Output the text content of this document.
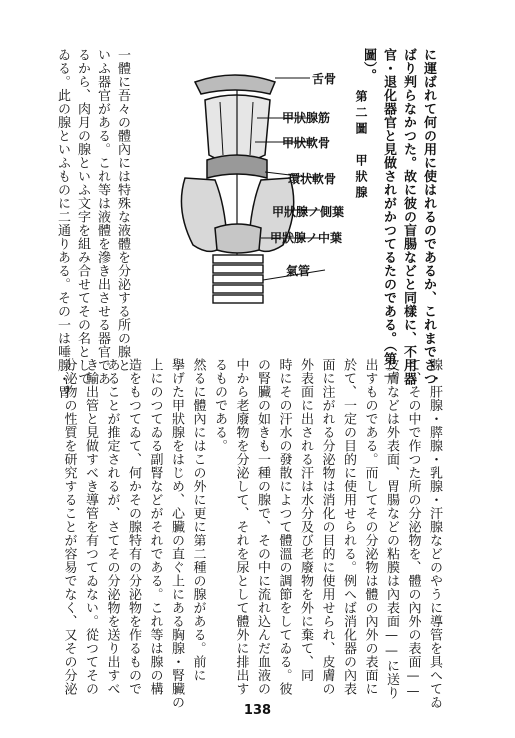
に運ばれて何の用に使はれるのであるか、これまでさつ
ばり判らなかつた。故に彼の盲腸などと同樣に、不用器
官・退化器官と見做されがかつてるたのである。（第二
圖）。
第二圖　甲狀腺
舌骨
甲狀腺筋
甲狀軟骨
環状軟骨
甲狀腺ノ側葉
甲狀腺ノ中葉
氣管
一體に吾々の體內には特殊な液體を分泌する所の腺と
いふ器官がある。これ等は液體を滲き出させる器官であ
るから、肉月の腺といふ文字を組み合せてその名として
ゐる。此の腺といふものに二通りある。その一は唾腺・胃
腺・肝腺・膵腺・乳腺・汗腺などのやうに導管を具へてゐ
て、その中で作つた所の分泌物を、體の內外の表面——
皮膚などは外表面、胃腸などの粘膜は內表面——に送り
出すものである。而してその分泌物は體の內外の表面に
於て、一定の目的に使用せられる。例へば消化器の內表
面に注がれる分泌物は消化の目的に使用せられ、皮膚の
外表面に出される汗は水分及び老廢物を外に棄て、同
時にその汗水の發散によつて體溫の調節をしてゐる。彼
の腎臟の如きも一種の腺で、その中に流れ込んだ血液の
中から老廢物を分泌して、それを尿として體外に排出す
るものである。
然るに體內にはこの外に更に第二種の腺がある。前に
擧げた甲狀腺をはじめ、心臟の直ぐ上にある胸腺・腎臟の
上にのつてゐる副腎などがそれである。これ等は腺の構
造をもつてゐて、何かその腺特有の分泌物を作るもので
あることが推定されるが、さてその分泌物を送り出すべ
き輸出管と見做すべき導管を有つてゐない。從つてその
分泌物の性質を研究することが容易でなく、又その分泌
138
